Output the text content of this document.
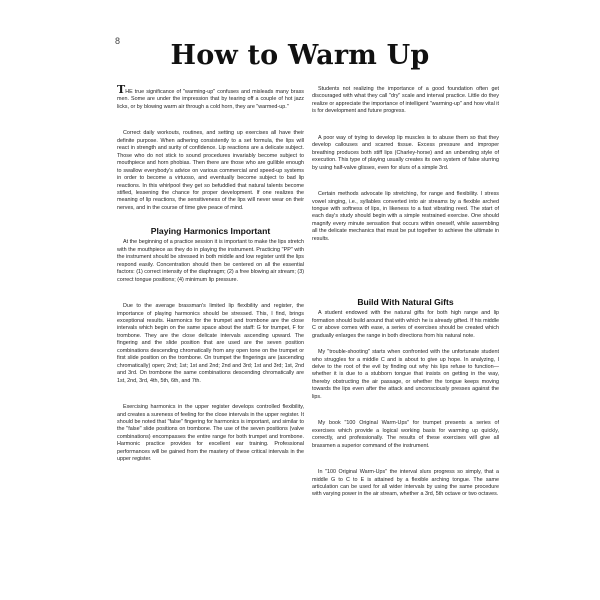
8	How to Warm Up

THE true significance of "warming-up" confuses and misleads many brass men. Some are under the impression that by tearing off a couple of hot jazz licks, or by blowing warm air through a cold horn, they are "warmed-up."

Correct daily workouts, routines, and setting up exercises all have their definite purpose. When adhering consistently to a set formula, the lips will react in strength and surity of confidence. Lip reactions are a delicate subject. Those who do not stick to sound procedures invariably become subject to mouthpiece and horn phobias. Then there are those who are gullible enough to swallow everybody's advice on various commercial and speed-up systems in order to become a virtuoso, and eventually become subject to bad lip reactions. In this whirlpool they get so befuddled that natural talents become stifled, lessening the chance for proper development. If one realizes the meaning of lip reactions, the sensitiveness of the lips will never wear on their nerves, and in the course of time give peace of mind.

Playing Harmonics Important

At the beginning of a practice session it is important to make the lips stretch with the mouthpiece as they do in playing the instrument. Practicing "PP" with the instrument should be stressed in both middle and low register until the lips respond easily. Concentration should then be centered on all the essential factors: (1) correct intensity of the diaphragm; (2) a free blowing air stream; (3) correct tongue positions; (4) minimum lip pressure.

Due to the average brassman's limited lip flexibility and register, the importance of playing harmonics should be stressed. This, I find, brings exceptional results. Harmonics for the trumpet and trombone are the close intervals which begin on the same space about the staff: G for trumpet, F for trombone. They are the close delicate intervals ascending upward. The fingering and the slide position that are used are the seven position combinations descending chromatically from any open tone on the trumpet or first slide position on the trombone. On trumpet the fingerings are (ascending chromatically) open; 2nd; 1st; 1st and 2nd; 2nd and 3rd; 1st and 3rd; 1st, 2nd and 3rd. On trombone the same combinations descending chromatically are 1st, 2nd, 3rd, 4th, 5th, 6th, and 7th.

Exercising harmonics in the upper register develops controlled flexibility, and creates a sureness of feeling for the close intervals in the upper register. It should be noted that "false" fingering for harmonics is important, and similar to the "false" slide positions on trombone. The use of the seven positions (valve combinations) encompasses the entire range for both trumpet and trombone. Harmonic practice provides for excellent ear training. Professional performances will be gained from the mastery of these critical intervals in the upper register.

Students not realizing the importance of a good foundation often get discouraged with what they call "dry" scale and interval practice. Little do they realize or appreciate the importance of intelligent "warming-up" and how vital it is for development and future progress.

A poor way of trying to develop lip muscles is to abuse them so that they develop callouses and scarred tissue. Excess pressure and improper breathing produces both stiff lips (Charley-horse) and an unbending style of execution. This type of playing usually creates its own system of false slurring by using half-valve glisses, even for slurs of a simple 3rd.

Certain methods advocate lip stretching, for range and flexibility. I stress vowel singing, i.e., syllables converted into air streams by a flexible arched tongue with softness of lips, in likeness to a fast vibrating reed. The start of each day's study should begin with a simple restrained exercise. One should magnify every minute sensation that occurs within oneself, while assembling all the delicate mechanics that must be put together to achieve the ultimate in results.

Build With Natural Gifts

A student endowed with the natural gifts for both high range and lip formation should build around that with which he is already gifted. If his middle C or above comes with ease, a series of exercises should be created which gradually enlarges the range in both directions from his natural note.

My "trouble-shooting" starts when confronted with the unfortunate student who struggles for a middle C and is about to give up hope. In analyzing, I delve to the root of the evil by finding out why his lips refuse to function—whether it is due to a stubborn tongue that insists on getting in the way, thereby obstructing the air passage, or whether the tongue keeps moving towards the lips even after the attack and unconsciously presses against the lips.

My book "100 Original Warm-Ups" for trumpet presents a series of exercises which provide a logical working basis for warming up quickly, correctly, and professionally. The results of these exercises will give all brassmen a superior command of the instrument.

In "100 Original Warm-Ups" the interval slurs progress so simply, that a middle G to C to E is attained by a flexible arching tongue. The same articulation can be used for all wider intervals by using the same procedure with varying power in the air stream, whether a 3rd, 5th octave or two octaves.
